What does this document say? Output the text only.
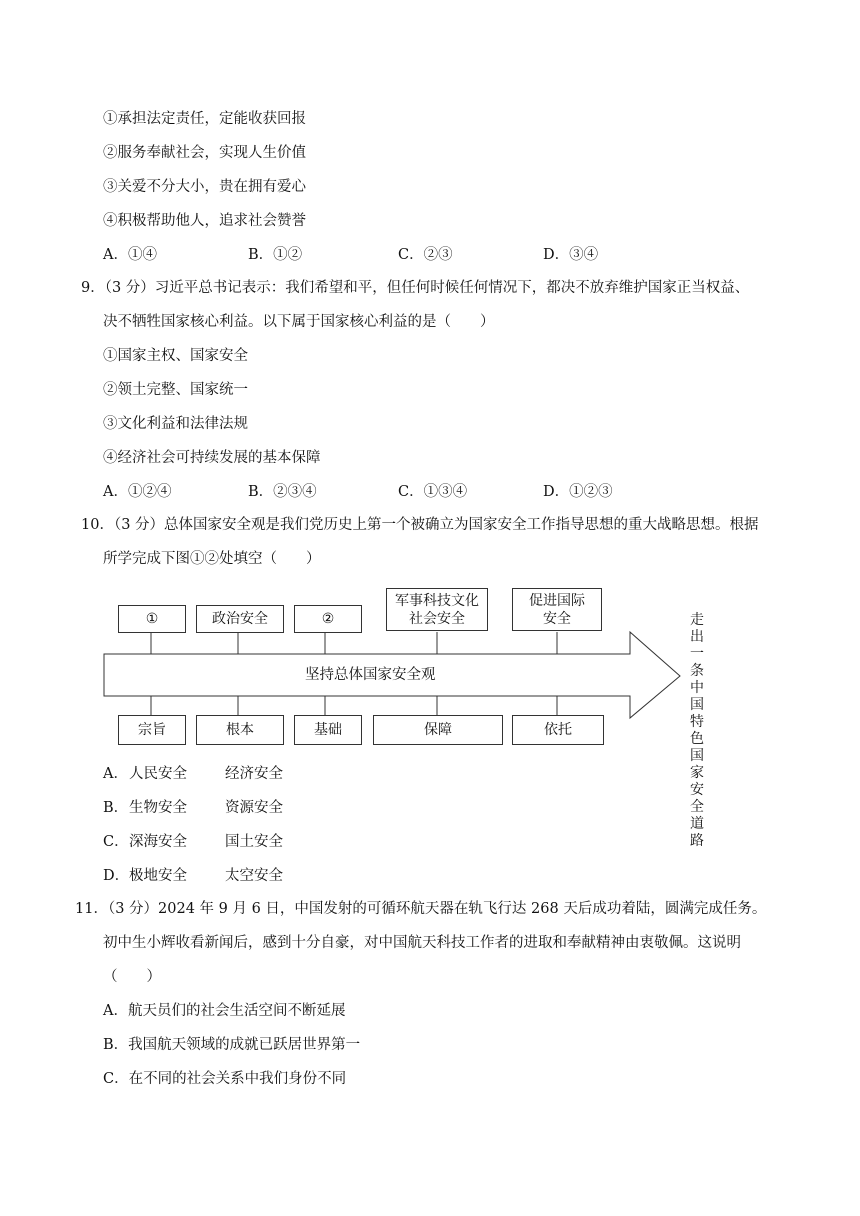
①承担法定责任，定能收获回报
②服务奉献社会，实现人生价值
③关爱不分大小，贵在拥有爱心
④积极帮助他人，追求社会赞誉
A．①④	B．①②	C．②③	D．③④
9．（3 分）习近平总书记表示：我们希望和平，但任何时候任何情况下，都决不放弃维护国家正当权益、
决不牺牲国家核心利益。以下属于国家核心利益的是（　　）
①国家主权、国家安全
②领土完整、国家统一
③文化利益和法律法规
④经济社会可持续发展的基本保障
A．①②④	B．②③④	C．①③④	D．①②③
10．（3 分）总体国家安全观是我们党历史上第一个被确立为国家安全工作指导思想的重大战略思想。根据
所学完成下图①②处填空（　　）
①	政治安全	②
军事科技文化社会安全
促进国际安全
坚持总体国家安全观
宗旨	根本	基础	保障	依托
走出一条中国特色国家安全道路
A． 人民安全	经济安全
B． 生物安全	资源安全
C． 深海安全	国土安全
D． 极地安全	太空安全
11．（3 分）2024 年 9 月 6 日，中国发射的可循环航天器在轨飞行达 268 天后成功着陆，圆满完成任务。
初中生小辉收看新闻后，感到十分自豪，对中国航天科技工作者的进取和奉献精神由衷敬佩。这说明
（　　）
A．航天员们的社会生活空间不断延展
B．我国航天领域的成就已跃居世界第一
C．在不同的社会关系中我们身份不同
